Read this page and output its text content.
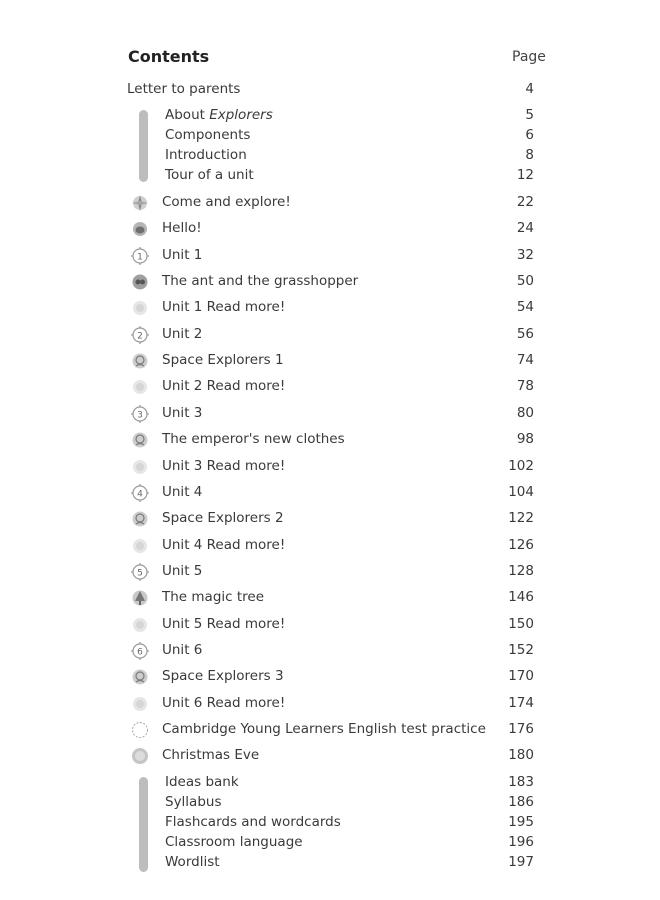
Contents	Page
Letter to parents	4
About Explorers	5
Components	6
Introduction	8
Tour of a unit	12
Come and explore!	22
Hello!	24
Unit 1	32
1
The ant and the grasshopper	50
Unit 1 Read more!	54
Unit 2	56
2
Space Explorers 1	74
Unit 2 Read more!	78
Unit 3	80
3
The emperor's new clothes	98
Unit 3 Read more!	102
Unit 4	104
4
Space Explorers 2	122
Unit 4 Read more!	126
Unit 5	128
5
The magic tree	146
Unit 5 Read more!	150
Unit 6	152
6
Space Explorers 3	170
Unit 6 Read more!	174
Cambridge Young Learners English test practice 176
Christmas Eve	180
Ideas bank	183
Syllabus	186
Flashcards and wordcards	195
Classroom language	196
Wordlist	197
